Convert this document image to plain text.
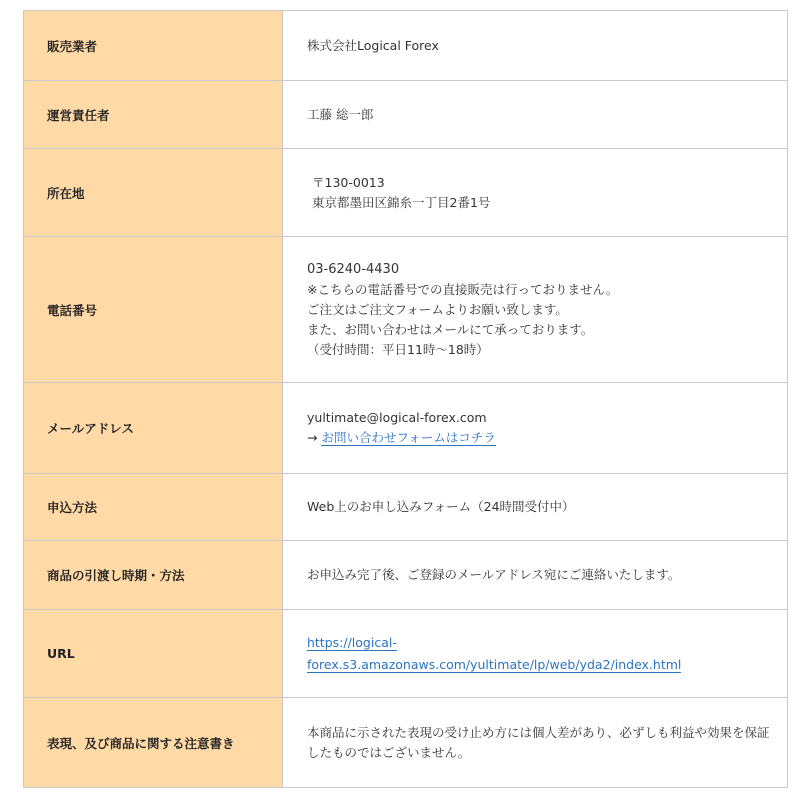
販売業者	株式会社Logical Forex

運営責任者	工藤 総一郎

所在地	〒130-0013
東京都墨田区錦糸一丁目2番1号

電話番号	03-6240-4430
※こちらの電話番号での直接販売は行っておりません。
ご注文はご注文フォームよりお願い致します。
また、お問い合わせはメールにて承っております。
（受付時間：平日11時～18時）

メールアドレス	yultimate@logical-forex.com
→ お問い合わせフォームはコチラ

申込方法	Web上のお申し込みフォーム（24時間受付中）

商品の引渡し時期・方法	お申込み完了後、ご登録のメールアドレス宛にご連絡いたします。

URL	https://logical-
forex.s3.amazonaws.com/yultimate/lp/web/yda2/index.html

表現、及び商品に関する注意書き	本商品に示された表現の受け止め方には個人差があり、必ずしも利益や効果を保証したものではございません。
